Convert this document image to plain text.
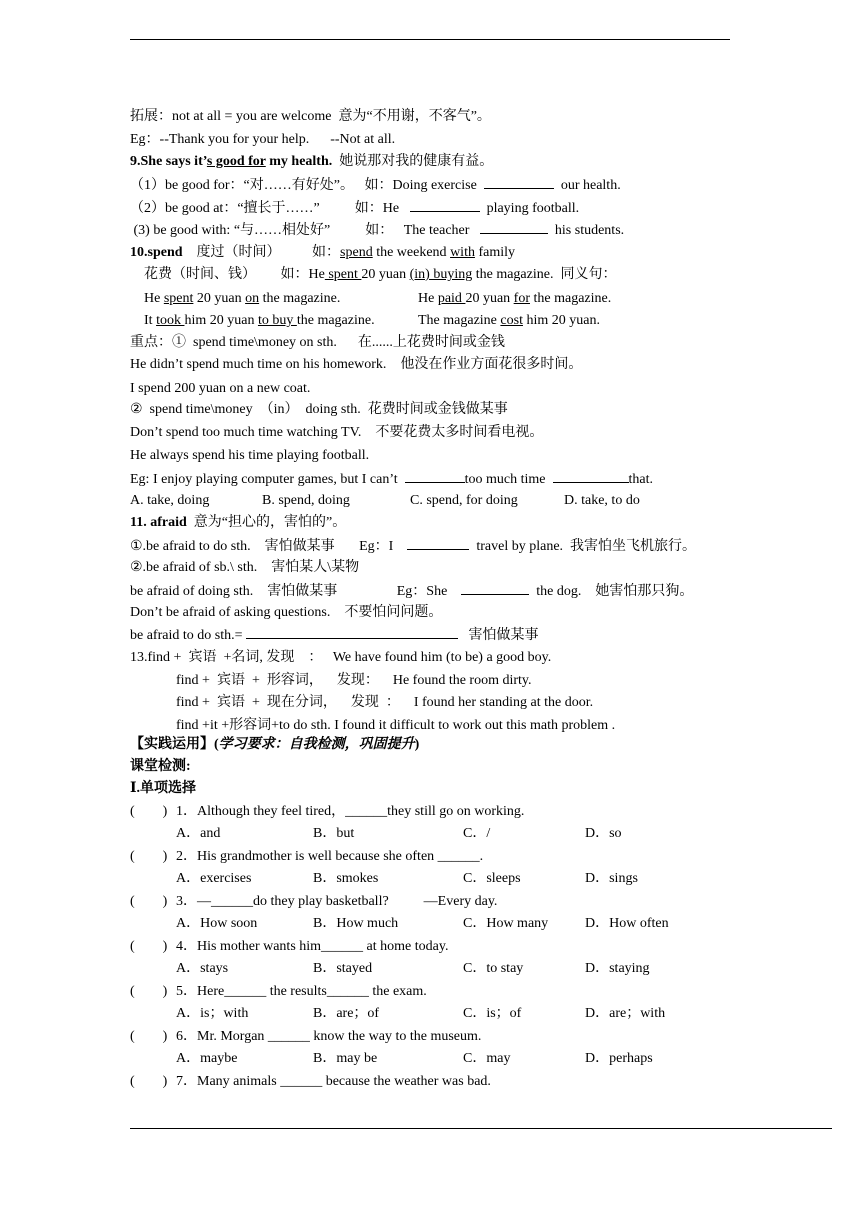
拓展：not at all = you are welcome  意为“不用谢，不客气”。
Eg：--Thank you for your help.      --Not at all.
9.She says it’s good for my health.  她说那对我的健康有益。
（1）be good for：“对……有好处”。   如：Doing exercise	our health.
（2）be good at：“擅长于……”          如：He	playing football.
(3) be good with: “与……相处好”          如：   The teacher	his students.
10.spend    度过（时间）         如：spend the weekend with family
花费（时间、钱）       如：He spent 20 yuan (in) buying the magazine.  同义句：
He spent 20 yuan on the magazine.	He paid 20 yuan for the magazine.
It took him 20 yuan to buy the magazine.	The magazine cost him 20 yuan.
重点：①  spend time\money on sth.      在......上花费时间或金钱
He didn’t spend much time on his homework.    他没在作业方面花很多时间。
I spend 200 yuan on a new coat.
②  spend time\money  （in）  doing sth.  花费时间或金钱做某事
Don’t spend too much time watching TV.    不要花费太多时间看电视。
He always spend his time playing football.
Eg: I enjoy playing computer games, but I can’t	too much time	that.
A. take, doing	B. spend, doing	C. spend, for doing	D. take, to do
11. afraid  意为“担心的，害怕的”。
①.be afraid to do sth.    害怕做某事       Eg：I	travel by plane.  我害怕坐飞机旅行。
②.be afraid of sb.\ sth.    害怕某人\某物
be afraid of doing sth.    害怕做某事                 Eg：She	the dog.    她害怕那只狗。
Don’t be afraid of asking questions.    不要怕问问题。
be afraid to do sth.=	害怕做某事
13.find +  宾语  +名词, 发现    ：   We have found him (to be) a good boy.
find +  宾语  +  形容词，    发现：    He found the room dirty.
find +  宾语  +  现在分词，    发现  ：    I found her standing at the door.
find +it +形容词+to do sth. I found it difficult to work out this math problem .
【实践运用】(学习要求：自我检测，巩固提升)
课堂检测:
Ⅰ.单项选择
(        ) 1．Although they feel tired，______they still go on working.
A．and	B．but	C．/	D．so
(        ) 2．His grandmother is well because she often ______.
A．exercises	B．smokes	C．sleeps	D．sings
(        ) 3．—______do they play basketball?          —Every day.
A．How soon	B．How much	C．How many	D．How often
(        ) 4．His mother wants him______ at home today.
A．stays	B．stayed	C．to stay	D．staying
(        ) 5．Here______ the results______ the exam.
A．is；with	B．are；of	C．is；of	D．are；with
(        ) 6．Mr. Morgan ______ know the way to the museum.
A．maybe	B．may be	C．may	D．perhaps
(        ) 7．Many animals ______ because the weather was bad.
